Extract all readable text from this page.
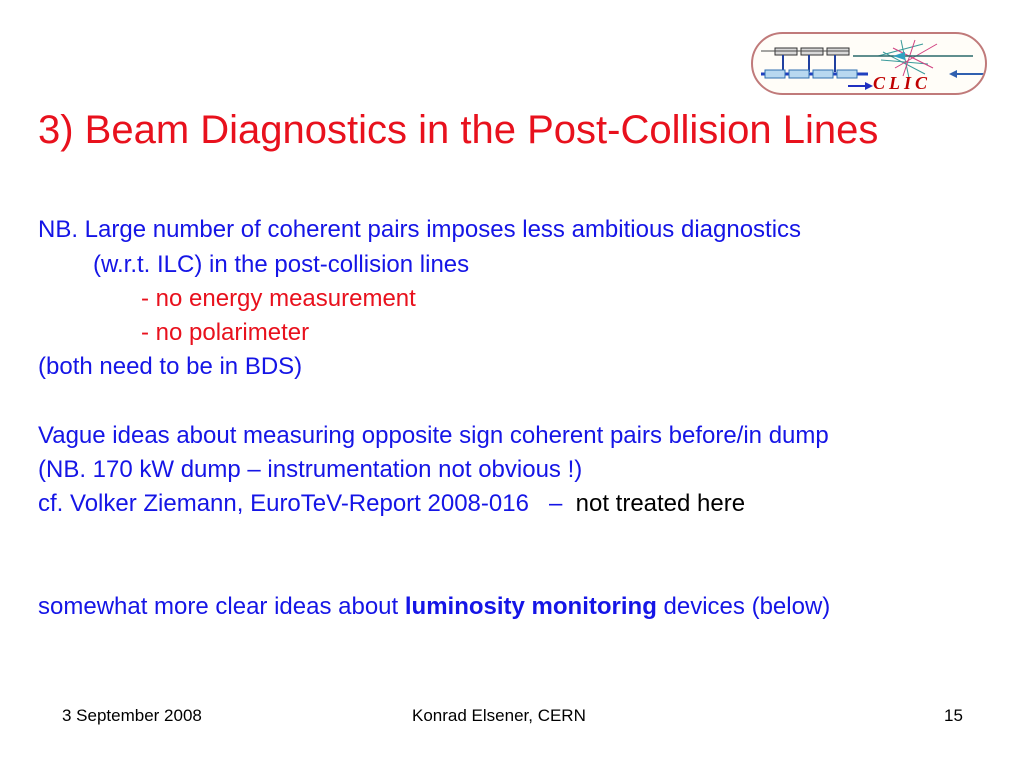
CLIC
3) Beam Diagnostics in the Post-Collision Lines

NB. Large number of coherent pairs imposes less ambitious diagnostics

(w.r.t. ILC) in the post-collision lines

- no energy measurement

- no polarimeter

(both need to be in BDS)

Vague ideas about measuring opposite sign coherent pairs before/in dump

(NB. 170 kW dump – instrumentation not obvious !)

cf. Volker Ziemann, EuroTeV-Report 2008-016   –  not treated here

somewhat more clear ideas about luminosity monitoring devices (below)

3 September 2008	Konrad Elsener, CERN	15
